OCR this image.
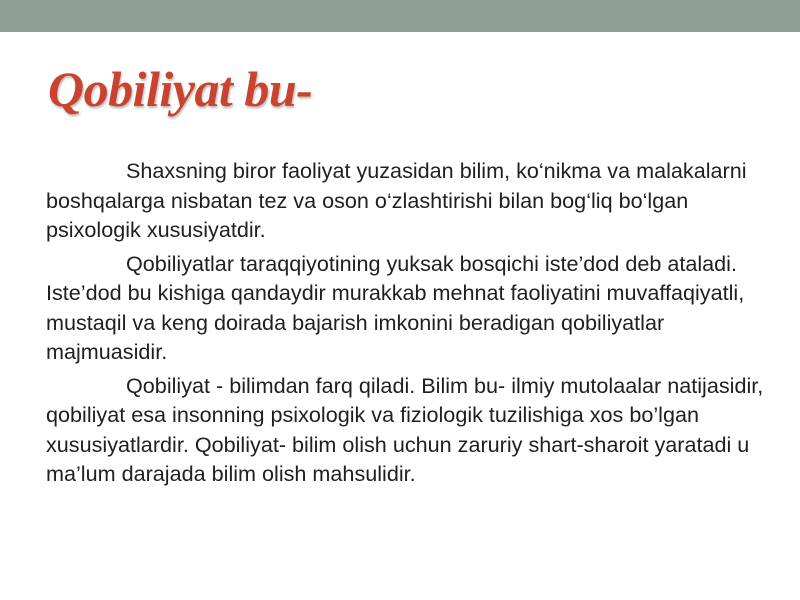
Qobiliyat bu-

Shaxsning biror faoliyat yuzasidan bilim, ko‘nikma va malakalarni boshqalarga nisbatan tez va oson o‘zlashtirishi bilan bog‘liq bo‘lgan psixologik xususiyatdir.

Qobiliyatlar taraqqiyotining yuksak bosqichi iste’dod deb ataladi. Iste’dod bu kishiga qandaydir murakkab mehnat faoliyatini muvaffaqiyatli, mustaqil va keng doirada bajarish imkonini beradigan qobiliyatlar majmuasidir.

Qobiliyat - bilimdan farq qiladi. Bilim bu- ilmiy mutolaalar natijasidir, qobiliyat esa insonning psixologik va fiziologik tuzilishiga xos bo’lgan xususiyatlardir. Qobiliyat- bilim olish uchun zaruriy shart-sharoit yaratadi u ma’lum darajada bilim olish mahsulidir.
